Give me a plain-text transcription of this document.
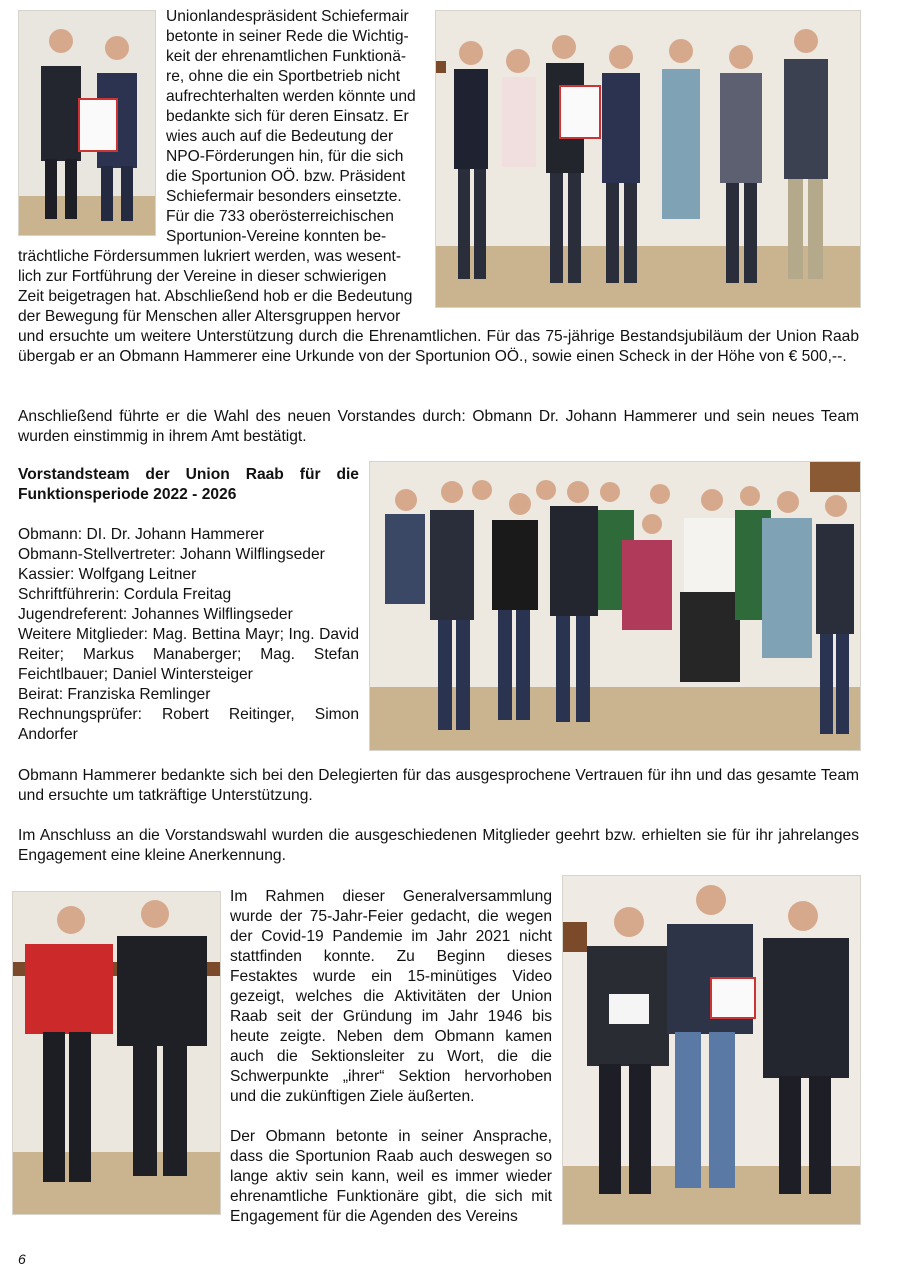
Unionlandespräsident Schiefermair

betonte in seiner Rede die Wichtig-

keit der ehrenamtlichen Funktionä-

re, ohne die ein Sportbetrieb nicht

aufrechterhalten werden könnte und

bedankte sich für deren Einsatz. Er

wies auch auf die Bedeutung der

NPO-Förderungen hin, für die sich

die Sportunion OÖ. bzw. Präsident

Schiefermair besonders einsetzte.

Für die 733 oberösterreichischen

Sportunion-Vereine konnten be-

trächtliche Fördersummen lukriert werden, was wesent-

lich zur Fortführung der Vereine in dieser schwierigen

Zeit beigetragen hat. Abschließend hob er die Bedeutung

der Bewegung für Menschen aller Altersgruppen hervor

und ersuchte um weitere Unterstützung durch die Ehrenamtlichen. Für das 75-jährige Bestandsjubiläum der Union Raab übergab er an Obmann Hammerer eine Urkunde von der Sportunion OÖ., sowie einen Scheck in der Höhe von € 500,--.

Anschließend führte er die Wahl des neuen Vorstandes durch: Obmann Dr. Johann Hammerer und sein neues Team wurden einstimmig in ihrem Amt bestätigt.

Vorstandsteam der Union Raab für die Funktionsperiode 2022 - 2026

Obmann: DI. Dr. Johann Hammerer

Obmann-Stellvertreter: Johann Wilflingseder

Kassier: Wolfgang Leitner

Schriftführerin: Cordula Freitag

Jugendreferent: Johannes Wilflingseder

Weitere Mitglieder: Mag. Bettina Mayr; Ing. David Reiter; Markus Manaberger; Mag. Stefan Feichtlbauer; Daniel Wintersteiger

Beirat: Franziska Remlinger

Rechnungsprüfer: Robert Reitinger, Simon Andorfer

Obmann Hammerer bedankte sich bei den Delegierten für das ausgesprochene Vertrauen für ihn und das gesamte Team und ersuchte um tatkräftige Unterstützung.

Im Anschluss an die Vorstandswahl wurden die ausgeschiedenen Mitglieder geehrt bzw. erhielten sie für ihr jahrelanges Engagement eine kleine Anerkennung.

Im Rahmen dieser Generalversammlung wurde der 75-Jahr-Feier gedacht, die wegen der Covid-19 Pandemie im Jahr 2021 nicht stattfinden konnte. Zu Beginn dieses Festaktes wurde ein 15-minütiges Video gezeigt, welches die Aktivitäten der Union Raab seit der Gründung im Jahr 1946 bis heute zeigte. Neben dem Obmann kamen auch die Sektionsleiter zu Wort, die die Schwerpunkte „ihrer“ Sektion hervorhoben und die zukünftigen Ziele äußerten.

Der Obmann betonte in seiner Ansprache, dass die Sportunion Raab auch deswegen so lange aktiv sein kann, weil es immer wieder ehrenamtliche Funktionäre gibt, die sich mit Engagement für die Agenden des Vereins

6
